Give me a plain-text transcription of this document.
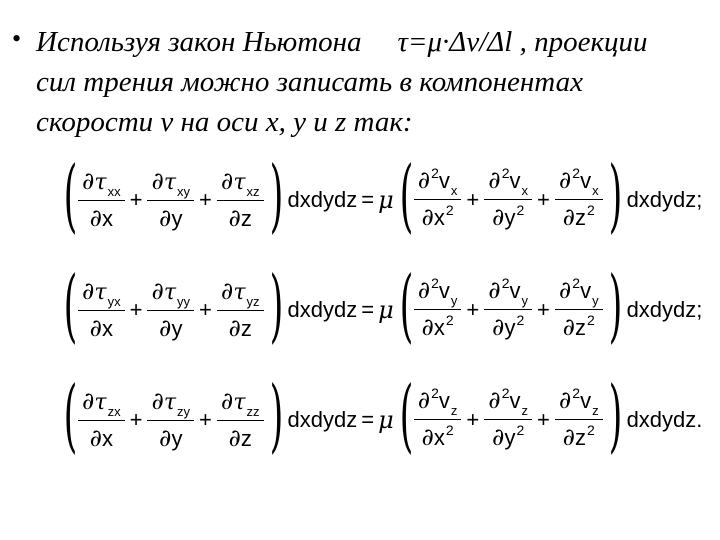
• Используя закон Ньютона τ=μ·Δv/Δl , проекции
сил трения можно записать в компонентах
скорости v на оси x, y и z так:
( $\frac{\text{∂ τ xx}}{\partial x} + \frac{\text{∂ τ xy}}{\partial y} + \frac{\text{∂ τ xz}}{\partial z}$ ) dxdydz = μ ( $\frac{\text{∂ 2 v x}}{\partial x 2} + \frac{\text{∂ 2 v x}}{\partial y 2} + \frac{\text{∂ 2 v x}}{\partial z 2}$ ) dxdydz;
( $\frac{\text{∂ τ yx}}{\partial x} + \frac{\text{∂ τ yy}}{\partial y} + \frac{\text{∂ τ yz}}{\partial z}$ ) dxdydz = μ ( $\frac{\text{∂ 2 v y}}{\partial x 2} + \frac{\text{∂ 2 v y}}{\partial y 2} + \frac{\text{∂ 2 v y}}{\partial z 2}$ ) dxdydz;
( $\frac{\text{∂ τ zx}}{\partial x} + \frac{\text{∂ τ zy}}{\partial y} + \frac{\text{∂ τ zz}}{\partial z}$ ) dxdydz = μ ( $\frac{\text{∂ 2 v z}}{\partial x 2} + \frac{\text{∂ 2 v z}}{\partial y 2} + \frac{\text{∂ 2 v z}}{\partial z 2}$ ) dxdydz.
